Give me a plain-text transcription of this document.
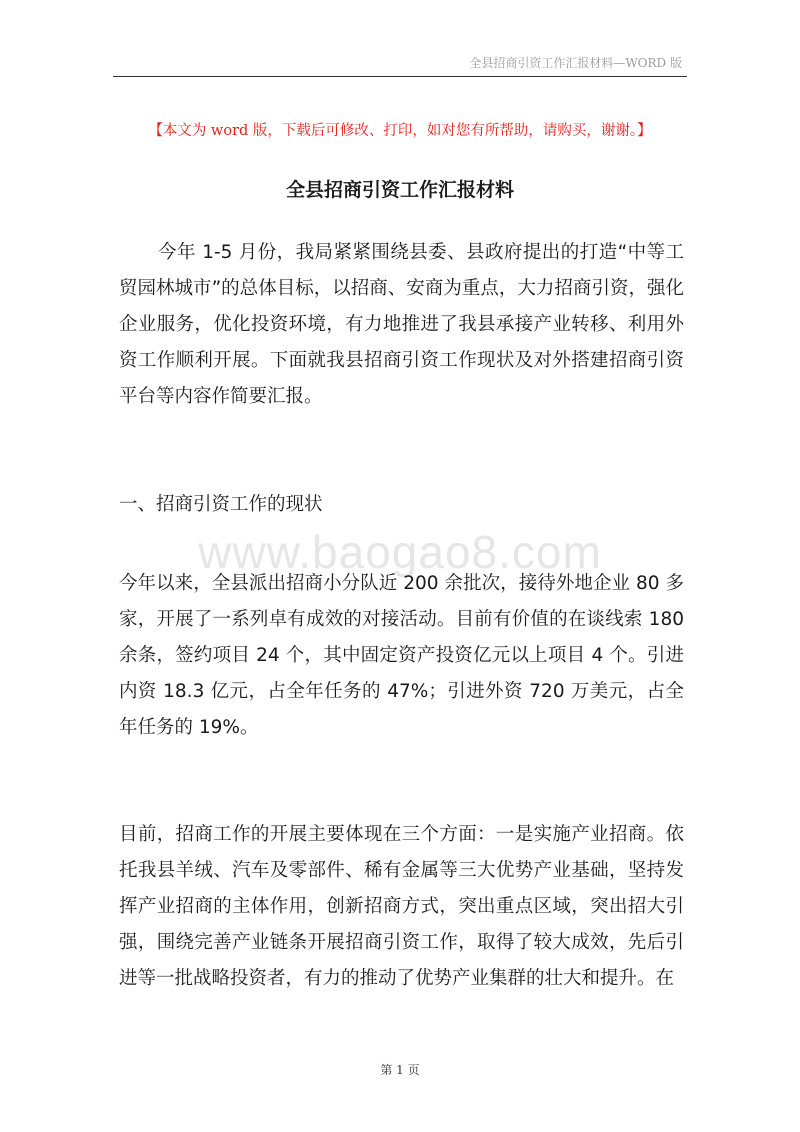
全县招商引资工作汇报材料—WORD 版
【本文为 word 版，下载后可修改、打印，如对您有所帮助，请购买，谢谢。】
全县招商引资工作汇报材料

今年 1-5 月份，我局紧紧围绕县委、县政府提出的打造“中等工贸园林城市”的总体目标，以招商、安商为重点，大力招商引资，强化企业服务，优化投资环境，有力地推进了我县承接产业转移、利用外资工作顺利开展。下面就我县招商引资工作现状及对外搭建招商引资平台等内容作简要汇报。

一、招商引资工作的现状
www.baogao8.com

今年以来，全县派出招商小分队近 200 余批次，接待外地企业 80 多家，开展了一系列卓有成效的对接活动。目前有价值的在谈线索 180 余条，签约项目 24 个，其中固定资产投资亿元以上项目 4 个。引进内资 18.3 亿元，占全年任务的 47%；引进外资 720 万美元，占全年任务的 19%。

目前，招商工作的开展主要体现在三个方面：一是实施产业招商。依托我县羊绒、汽车及零部件、稀有金属等三大优势产业基础，坚持发挥产业招商的主体作用，创新招商方式，突出重点区域，突出招大引强，围绕完善产业链条开展招商引资工作，取得了较大成效，先后引进等一批战略投资者，有力的推动了优势产业集群的壮大和提升。在

第 1 页
